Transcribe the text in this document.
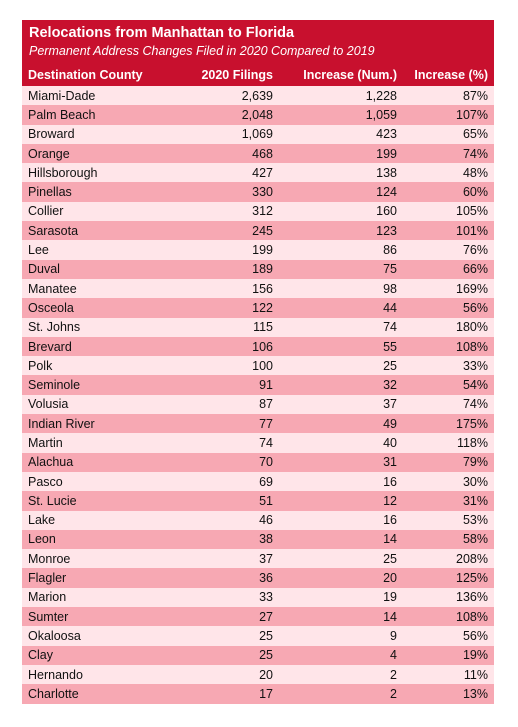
Relocations from Manhattan to Florida
Permanent Address Changes Filed in 2020 Compared to 2019
Destination County	2020 Filings	Increase (Num.)	Increase (%)
Miami-Dade	2,639	1,228	87%
Palm Beach	2,048	1,059	107%
Broward	1,069	423	65%
Orange	468	199	74%
Hillsborough	427	138	48%
Pinellas	330	124	60%
Collier	312	160	105%
Sarasota	245	123	101%
Lee	199	86	76%
Duval	189	75	66%
Manatee	156	98	169%
Osceola	122	44	56%
St. Johns	115	74	180%
Brevard	106	55	108%
Polk	100	25	33%
Seminole	91	32	54%
Volusia	87	37	74%
Indian River	77	49	175%
Martin	74	40	118%
Alachua	70	31	79%
Pasco	69	16	30%
St. Lucie	51	12	31%
Lake	46	16	53%
Leon	38	14	58%
Monroe	37	25	208%
Flagler	36	20	125%
Marion	33	19	136%
Sumter	27	14	108%
Okaloosa	25	9	56%
Clay	25	4	19%
Hernando	20	2	11%
Charlotte	17	2	13%
